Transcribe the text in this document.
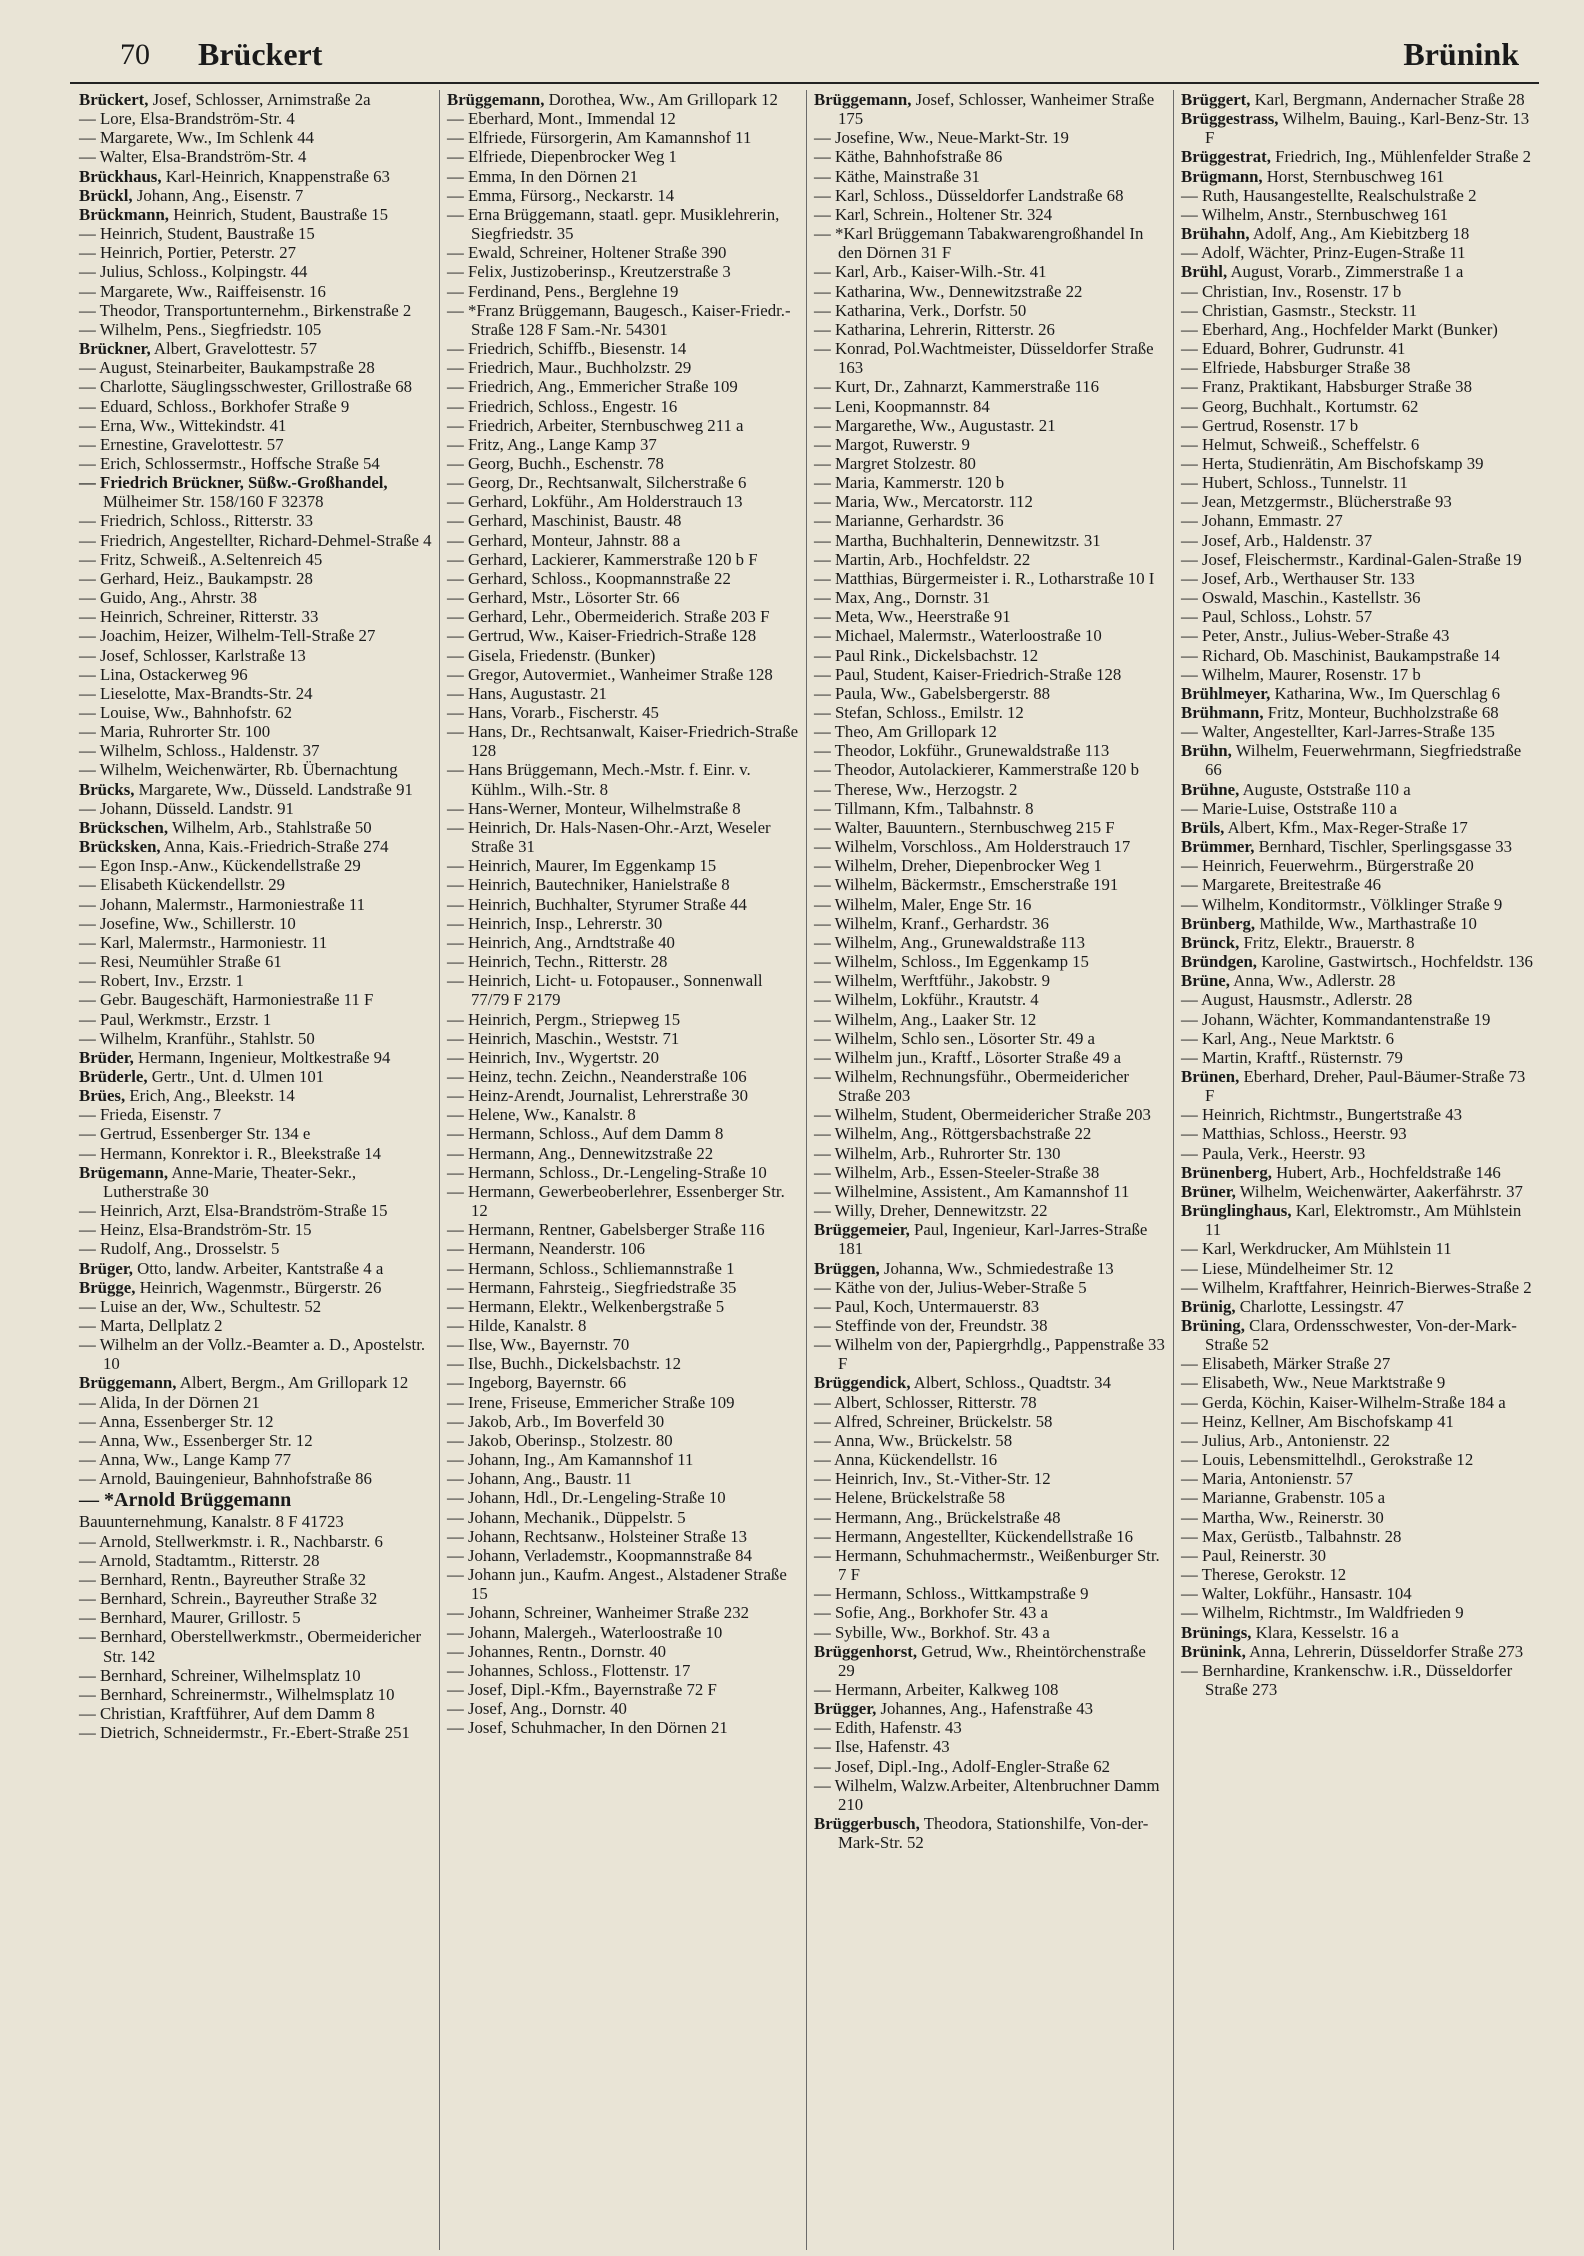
70 Brückert	Brünink

Brückert, Josef, Schlosser, Arnimstraße 2a

— Lore, Elsa-Brandström-Str. 4

— Margarete, Ww., Im Schlenk 44

— Walter, Elsa-Brandström-Str. 4

Brückhaus, Karl-Heinrich, Knappenstraße 63

Brückl, Johann, Ang., Eisenstr. 7

Brückmann, Heinrich, Student, Baustraße 15

— Heinrich, Student, Baustraße 15

— Heinrich, Portier, Peterstr. 27

— Julius, Schloss., Kolpingstr. 44

— Margarete, Ww., Raiffeisenstr. 16

— Theodor, Transportunternehm., Birkenstraße 2

— Wilhelm, Pens., Siegfriedstr. 105

Brückner, Albert, Gravelottestr. 57

— August, Steinarbeiter, Baukampstraße 28

— Charlotte, Säuglingsschwester, Grillostraße 68

— Eduard, Schloss., Borkhofer Straße 9

— Erna, Ww., Wittekindstr. 41

— Ernestine, Gravelottestr. 57

— Erich, Schlossermstr., Hoffsche Straße 54

— Friedrich Brückner, Süßw.-Großhandel, Mülheimer Str. 158/160 F 32378

— Friedrich, Schloss., Ritterstr. 33

— Friedrich, Angestellter, Richard-Dehmel-Straße 4

— Fritz, Schweiß., A.Seltenreich 45

— Gerhard, Heiz., Baukampstr. 28

— Guido, Ang., Ahrstr. 38

— Heinrich, Schreiner, Ritterstr. 33

— Joachim, Heizer, Wilhelm-Tell-Straße 27

— Josef, Schlosser, Karlstraße 13

— Lina, Ostackerweg 96

— Lieselotte, Max-Brandts-Str. 24

— Louise, Ww., Bahnhofstr. 62

— Maria, Ruhrorter Str. 100

— Wilhelm, Schloss., Haldenstr. 37

— Wilhelm, Weichenwärter, Rb. Übernachtung

Brücks, Margarete, Ww., Düsseld. Landstraße 91

— Johann, Düsseld. Landstr. 91

Brückschen, Wilhelm, Arb., Stahlstraße 50

Brücksken, Anna, Kais.-Friedrich-Straße 274

— Egon Insp.-Anw., Kückendellstraße 29

— Elisabeth Kückendellstr. 29

— Johann, Malermstr., Harmoniestraße 11

— Josefine, Ww., Schillerstr. 10

— Karl, Malermstr., Harmoniestr. 11

— Resi, Neumühler Straße 61

— Robert, Inv., Erzstr. 1

— Gebr. Baugeschäft, Harmoniestraße 11 F

— Paul, Werkmstr., Erzstr. 1

— Wilhelm, Kranführ., Stahlstr. 50

Brüder, Hermann, Ingenieur, Moltkestraße 94

Brüderle, Gertr., Unt. d. Ulmen 101

Brües, Erich, Ang., Bleekstr. 14

— Frieda, Eisenstr. 7

— Gertrud, Essenberger Str. 134 e

— Hermann, Konrektor i. R., Bleekstraße 14

Brügemann, Anne-Marie, Theater-Sekr., Lutherstraße 30

— Heinrich, Arzt, Elsa-Brandström-Straße 15

— Heinz, Elsa-Brandström-Str. 15

— Rudolf, Ang., Drosselstr. 5

Brüger, Otto, landw. Arbeiter, Kantstraße 4 a

Brügge, Heinrich, Wagenmstr., Bürgerstr. 26

— Luise an der, Ww., Schultestr. 52

— Marta, Dellplatz 2

— Wilhelm an der Vollz.-Beamter a. D., Apostelstr. 10

Brüggemann, Albert, Bergm., Am Grillopark 12

— Alida, In der Dörnen 21

— Anna, Essenberger Str. 12

— Anna, Ww., Essenberger Str. 12

— Anna, Ww., Lange Kamp 77

— Arnold, Bauingenieur, Bahnhofstraße 86

— *Arnold Brüggemann

Bauunternehmung, Kanalstr. 8 F 41723

— Arnold, Stellwerkmstr. i. R., Nachbarstr. 6

— Arnold, Stadtamtm., Ritterstr. 28

— Bernhard, Rentn., Bayreuther Straße 32

— Bernhard, Schrein., Bayreuther Straße 32

— Bernhard, Maurer, Grillostr. 5

— Bernhard, Oberstellwerkmstr., Obermeidericher Str. 142

— Bernhard, Schreiner, Wilhelmsplatz 10

— Bernhard, Schreinermstr., Wilhelmsplatz 10

— Christian, Kraftführer, Auf dem Damm 8

— Dietrich, Schneidermstr., Fr.-Ebert-Straße 251

Brüggemann, Dorothea, Ww., Am Grillopark 12

— Eberhard, Mont., Immendal 12

— Elfriede, Fürsorgerin, Am Kamannshof 11

— Elfriede, Diepenbrocker Weg 1

— Emma, In den Dörnen 21

— Emma, Fürsorg., Neckarstr. 14

— Erna Brüggemann, staatl. gepr. Musiklehrerin, Siegfriedstr. 35

— Ewald, Schreiner, Holtener Straße 390

— Felix, Justizoberinsp., Kreutzerstraße 3

— Ferdinand, Pens., Berglehne 19

— *Franz Brüggemann, Baugesch., Kaiser-Friedr.-Straße 128 F Sam.-Nr. 54301

— Friedrich, Schiffb., Biesenstr. 14

— Friedrich, Maur., Buchholzstr. 29

— Friedrich, Ang., Emmericher Straße 109

— Friedrich, Schloss., Engestr. 16

— Friedrich, Arbeiter, Sternbuschweg 211 a

— Fritz, Ang., Lange Kamp 37

— Georg, Buchh., Eschenstr. 78

— Georg, Dr., Rechtsanwalt, Silcherstraße 6

— Gerhard, Lokführ., Am Holderstrauch 13

— Gerhard, Maschinist, Baustr. 48

— Gerhard, Monteur, Jahnstr. 88 a

— Gerhard, Lackierer, Kammerstraße 120 b F

— Gerhard, Schloss., Koopmannstraße 22

— Gerhard, Mstr., Lösorter Str. 66

— Gerhard, Lehr., Obermeiderich. Straße 203 F

— Gertrud, Ww., Kaiser-Friedrich-Straße 128

— Gisela, Friedenstr. (Bunker)

— Gregor, Autovermiet., Wanheimer Straße 128

— Hans, Augustastr. 21

— Hans, Vorarb., Fischerstr. 45

— Hans, Dr., Rechtsanwalt, Kaiser-Friedrich-Straße 128

— Hans Brüggemann, Mech.-Mstr. f. Einr. v. Kühlm., Wilh.-Str. 8

— Hans-Werner, Monteur, Wilhelmstraße 8

— Heinrich, Dr. Hals-Nasen-Ohr.-Arzt, Weseler Straße 31

— Heinrich, Maurer, Im Eggenkamp 15

— Heinrich, Bautechniker, Hanielstraße 8

— Heinrich, Buchhalter, Styrumer Straße 44

— Heinrich, Insp., Lehrerstr. 30

— Heinrich, Ang., Arndtstraße 40

— Heinrich, Techn., Ritterstr. 28

— Heinrich, Licht- u. Fotopauser., Sonnenwall 77/79 F 2179

— Heinrich, Pergm., Striepweg 15

— Heinrich, Maschin., Weststr. 71

— Heinrich, Inv., Wygertstr. 20

— Heinz, techn. Zeichn., Neanderstraße 106

— Heinz-Arendt, Journalist, Lehrerstraße 30

— Helene, Ww., Kanalstr. 8

— Hermann, Schloss., Auf dem Damm 8

— Hermann, Ang., Dennewitzstraße 22

— Hermann, Schloss., Dr.-Lengeling-Straße 10

— Hermann, Gewerbeoberlehrer, Essenberger Str. 12

— Hermann, Rentner, Gabelsberger Straße 116

— Hermann, Neanderstr. 106

— Hermann, Schloss., Schliemannstraße 1

— Hermann, Fahrsteig., Siegfriedstraße 35

— Hermann, Elektr., Welkenbergstraße 5

— Hilde, Kanalstr. 8

— Ilse, Ww., Bayernstr. 70

— Ilse, Buchh., Dickelsbachstr. 12

— Ingeborg, Bayernstr. 66

— Irene, Friseuse, Emmericher Straße 109

— Jakob, Arb., Im Boverfeld 30

— Jakob, Oberinsp., Stolzestr. 80

— Johann, Ing., Am Kamannshof 11

— Johann, Ang., Baustr. 11

— Johann, Hdl., Dr.-Lengeling-Straße 10

— Johann, Mechanik., Düppelstr. 5

— Johann, Rechtsanw., Holsteiner Straße 13

— Johann, Verlademstr., Koopmannstraße 84

— Johann jun., Kaufm. Angest., Alstadener Straße 15

— Johann, Schreiner, Wanheimer Straße 232

— Johann, Malergeh., Waterloostraße 10

— Johannes, Rentn., Dornstr. 40

— Johannes, Schloss., Flottenstr. 17

— Josef, Dipl.-Kfm., Bayernstraße 72 F

— Josef, Ang., Dornstr. 40

— Josef, Schuhmacher, In den Dörnen 21

Brüggemann, Josef, Schlosser, Wanheimer Straße 175

— Josefine, Ww., Neue-Markt-Str. 19

— Käthe, Bahnhofstraße 86

— Käthe, Mainstraße 31

— Karl, Schloss., Düsseldorfer Landstraße 68

— Karl, Schrein., Holtener Str. 324

— *Karl Brüggemann Tabakwarengroßhandel In den Dörnen 31 F

— Karl, Arb., Kaiser-Wilh.-Str. 41

— Katharina, Ww., Dennewitzstraße 22

— Katharina, Verk., Dorfstr. 50

— Katharina, Lehrerin, Ritterstr. 26

— Konrad, Pol.Wachtmeister, Düsseldorfer Straße 163

— Kurt, Dr., Zahnarzt, Kammerstraße 116

— Leni, Koopmannstr. 84

— Margarethe, Ww., Augustastr. 21

— Margot, Ruwerstr. 9

— Margret Stolzestr. 80

— Maria, Kammerstr. 120 b

— Maria, Ww., Mercatorstr. 112

— Marianne, Gerhardstr. 36

— Martha, Buchhalterin, Dennewitzstr. 31

— Martin, Arb., Hochfeldstr. 22

— Matthias, Bürgermeister i. R., Lotharstraße 10 I

— Max, Ang., Dornstr. 31

— Meta, Ww., Heerstraße 91

— Michael, Malermstr., Waterloostraße 10

— Paul Rink., Dickelsbachstr. 12

— Paul, Student, Kaiser-Friedrich-Straße 128

— Paula, Ww., Gabelsbergerstr. 88

— Stefan, Schloss., Emilstr. 12

— Theo, Am Grillopark 12

— Theodor, Lokführ., Grunewaldstraße 113

— Theodor, Autolackierer, Kammerstraße 120 b

— Therese, Ww., Herzogstr. 2

— Tillmann, Kfm., Talbahnstr. 8

— Walter, Bauuntern., Sternbuschweg 215 F

— Wilhelm, Vorschloss., Am Holderstrauch 17

— Wilhelm, Dreher, Diepenbrocker Weg 1

— Wilhelm, Bäckermstr., Emscherstraße 191

— Wilhelm, Maler, Enge Str. 16

— Wilhelm, Kranf., Gerhardstr. 36

— Wilhelm, Ang., Grunewaldstraße 113

— Wilhelm, Schloss., Im Eggenkamp 15

— Wilhelm, Werftführ., Jakobstr. 9

— Wilhelm, Lokführ., Krautstr. 4

— Wilhelm, Ang., Laaker Str. 12

— Wilhelm, Schlo sen., Lösorter Str. 49 a

— Wilhelm jun., Kraftf., Lösorter Straße 49 a

— Wilhelm, Rechnungsführ., Obermeidericher Straße 203

— Wilhelm, Student, Obermeidericher Straße 203

— Wilhelm, Ang., Röttgersbachstraße 22

— Wilhelm, Arb., Ruhrorter Str. 130

— Wilhelm, Arb., Essen-Steeler-Straße 38

— Wilhelmine, Assistent., Am Kamannshof 11

— Willy, Dreher, Dennewitzstr. 22

Brüggemeier, Paul, Ingenieur, Karl-Jarres-Straße 181

Brüggen, Johanna, Ww., Schmiedestraße 13

— Käthe von der, Julius-Weber-Straße 5

— Paul, Koch, Untermauerstr. 83

— Steffinde von der, Freundstr. 38

— Wilhelm von der, Papiergrhdlg., Pappenstraße 33 F

Brüggendick, Albert, Schloss., Quadtstr. 34

— Albert, Schlosser, Ritterstr. 78

— Alfred, Schreiner, Brückelstr. 58

— Anna, Ww., Brückelstr. 58

— Anna, Kückendellstr. 16

— Heinrich, Inv., St.-Vither-Str. 12

— Helene, Brückelstraße 58

— Hermann, Ang., Brückelstraße 48

— Hermann, Angestellter, Kückendellstraße 16

— Hermann, Schuhmachermstr., Weißenburger Str. 7 F

— Hermann, Schloss., Wittkampstraße 9

— Sofie, Ang., Borkhofer Str. 43 a

— Sybille, Ww., Borkhof. Str. 43 a

Brüggenhorst, Getrud, Ww., Rheintörchenstraße 29

— Hermann, Arbeiter, Kalkweg 108

Brügger, Johannes, Ang., Hafenstraße 43

— Edith, Hafenstr. 43

— Ilse, Hafenstr. 43

— Josef, Dipl.-Ing., Adolf-Engler-Straße 62

— Wilhelm, Walzw.Arbeiter, Altenbruchner Damm 210

Brüggerbusch, Theodora, Stationshilfe, Von-der-Mark-Str. 52

Brüggert, Karl, Bergmann, Andernacher Straße 28

Brüggestrass, Wilhelm, Bauing., Karl-Benz-Str. 13 F

Brüggestrat, Friedrich, Ing., Mühlenfelder Straße 2

Brügmann, Horst, Sternbuschweg 161

— Ruth, Hausangestellte, Realschulstraße 2

— Wilhelm, Anstr., Sternbuschweg 161

Brühahn, Adolf, Ang., Am Kiebitzberg 18

— Adolf, Wächter, Prinz-Eugen-Straße 11

Brühl, August, Vorarb., Zimmerstraße 1 a

— Christian, Inv., Rosenstr. 17 b

— Christian, Gasmstr., Steckstr. 11

— Eberhard, Ang., Hochfelder Markt (Bunker)

— Eduard, Bohrer, Gudrunstr. 41

— Elfriede, Habsburger Straße 38

— Franz, Praktikant, Habsburger Straße 38

— Georg, Buchhalt., Kortumstr. 62

— Gertrud, Rosenstr. 17 b

— Helmut, Schweiß., Scheffelstr. 6

— Herta, Studienrätin, Am Bischofskamp 39

— Hubert, Schloss., Tunnelstr. 11

— Jean, Metzgermstr., Blücherstraße 93

— Johann, Emmastr. 27

— Josef, Arb., Haldenstr. 37

— Josef, Fleischermstr., Kardinal-Galen-Straße 19

— Josef, Arb., Werthauser Str. 133

— Oswald, Maschin., Kastellstr. 36

— Paul, Schloss., Lohstr. 57

— Peter, Anstr., Julius-Weber-Straße 43

— Richard, Ob. Maschinist, Baukampstraße 14

— Wilhelm, Maurer, Rosenstr. 17 b

Brühlmeyer, Katharina, Ww., Im Querschlag 6

Brühmann, Fritz, Monteur, Buchholzstraße 68

— Walter, Angestellter, Karl-Jarres-Straße 135

Brühn, Wilhelm, Feuerwehrmann, Siegfriedstraße 66

Brühne, Auguste, Oststraße 110 a

— Marie-Luise, Oststraße 110 a

Brüls, Albert, Kfm., Max-Reger-Straße 17

Brümmer, Bernhard, Tischler, Sperlingsgasse 33

— Heinrich, Feuerwehrm., Bürgerstraße 20

— Margarete, Breitestraße 46

— Wilhelm, Konditormstr., Völklinger Straße 9

Brünberg, Mathilde, Ww., Marthastraße 10

Brünck, Fritz, Elektr., Brauerstr. 8

Bründgen, Karoline, Gastwirtsch., Hochfeldstr. 136

Brüne, Anna, Ww., Adlerstr. 28

— August, Hausmstr., Adlerstr. 28

— Johann, Wächter, Kommandantenstraße 19

— Karl, Ang., Neue Marktstr. 6

— Martin, Kraftf., Rüsternstr. 79

Brünen, Eberhard, Dreher, Paul-Bäumer-Straße 73 F

— Heinrich, Richtmstr., Bungertstraße 43

— Matthias, Schloss., Heerstr. 93

— Paula, Verk., Heerstr. 93

Brünenberg, Hubert, Arb., Hochfeldstraße 146

Brüner, Wilhelm, Weichenwärter, Aakerfährstr. 37

Brünglinghaus, Karl, Elektromstr., Am Mühlstein 11

— Karl, Werkdrucker, Am Mühlstein 11

— Liese, Mündelheimer Str. 12

— Wilhelm, Kraftfahrer, Heinrich-Bierwes-Straße 2

Brünig, Charlotte, Lessingstr. 47

Brüning, Clara, Ordensschwester, Von-der-Mark-Straße 52

— Elisabeth, Märker Straße 27

— Elisabeth, Ww., Neue Marktstraße 9

— Gerda, Köchin, Kaiser-Wilhelm-Straße 184 a

— Heinz, Kellner, Am Bischofskamp 41

— Julius, Arb., Antonienstr. 22

— Louis, Lebensmittelhdl., Gerokstraße 12

— Maria, Antonienstr. 57

— Marianne, Grabenstr. 105 a

— Martha, Ww., Reinerstr. 30

— Max, Gerüstb., Talbahnstr. 28

— Paul, Reinerstr. 30

— Therese, Gerokstr. 12

— Walter, Lokführ., Hansastr. 104

— Wilhelm, Richtmstr., Im Waldfrieden 9

Brünings, Klara, Kesselstr. 16 a

Brünink, Anna, Lehrerin, Düsseldorfer Straße 273

— Bernhardine, Krankenschw. i.R., Düsseldorfer Straße 273
